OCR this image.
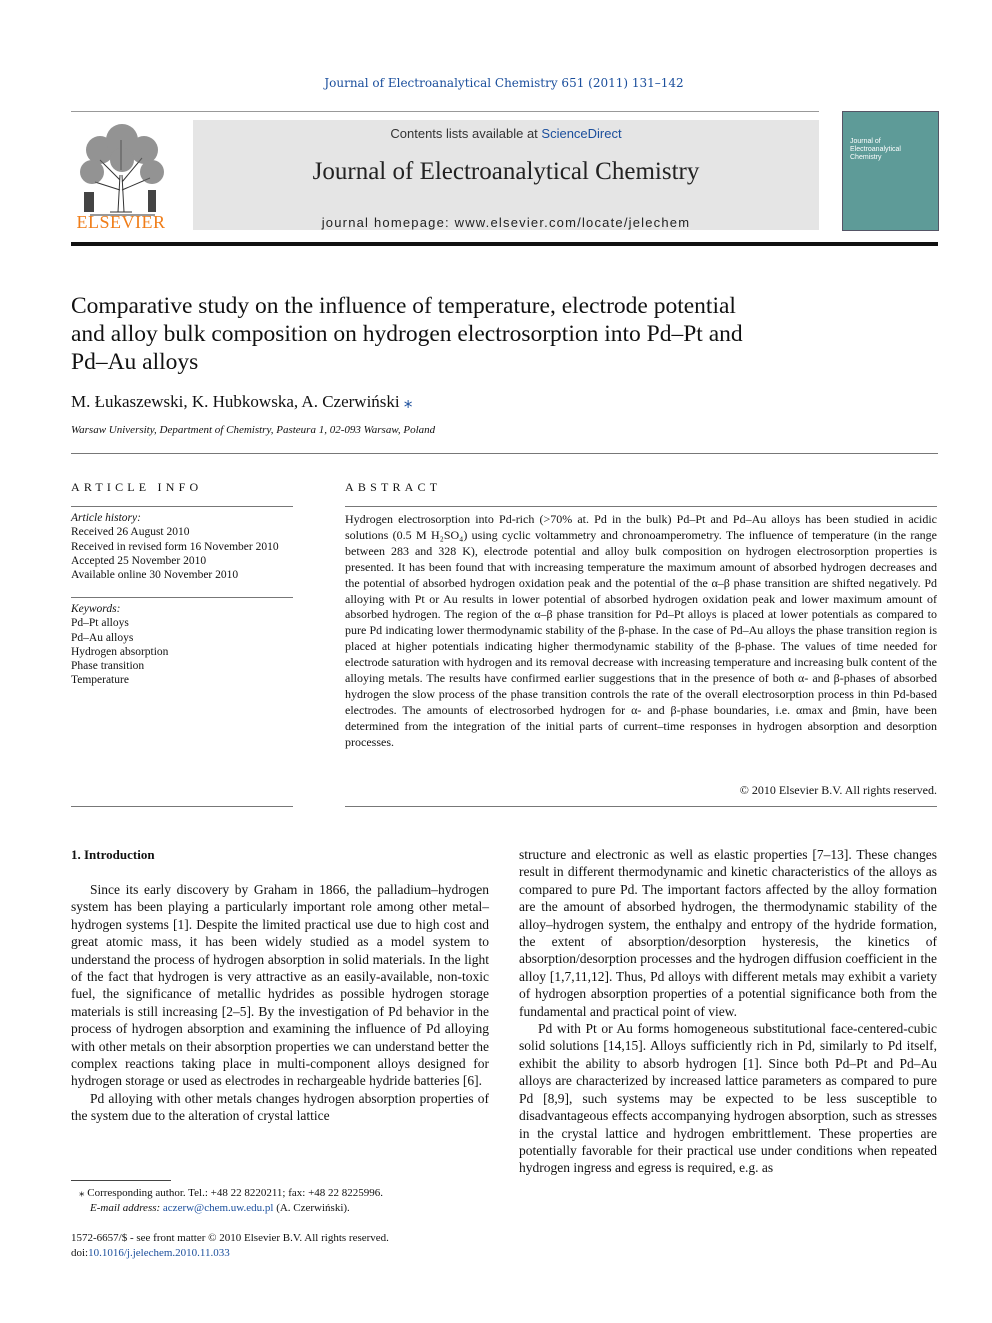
Journal of Electroanalytical Chemistry 651 (2011) 131–142
ELSEVIER
Contents lists available at ScienceDirect
Journal of Electroanalytical Chemistry
journal homepage: www.elsevier.com/locate/jelechem
Journal of Electroanalytical Chemistry
Comparative study on the influence of temperature, electrode potential
and alloy bulk composition on hydrogen electrosorption into Pd–Pt and
Pd–Au alloys
M. Łukaszewski, K. Hubkowska, A. Czerwiński ⁎
Warsaw University, Department of Chemistry, Pasteura 1, 02-093 Warsaw, Poland
ARTICLE INFO
Article history:
Received 26 August 2010
Received in revised form 16 November 2010
Accepted 25 November 2010
Available online 30 November 2010
Keywords:
Pd–Pt alloys
Pd–Au alloys
Hydrogen absorption
Phase transition
Temperature
ABSTRACT
Hydrogen electrosorption into Pd-rich (>70% at. Pd in the bulk) Pd–Pt and Pd–Au alloys has been studied in acidic solutions (0.5 M H₂SO₄) using cyclic voltammetry and chronoamperometry. The influence of temperature (in the range between 283 and 328 K), electrode potential and alloy bulk composition on hydrogen electrosorption properties is presented. It has been found that with increasing temperature the maximum amount of absorbed hydrogen decreases and the potential of absorbed hydrogen oxidation peak and the potential of the α–β phase transition are shifted negatively. Pd alloying with Pt or Au results in lower potential of absorbed hydrogen oxidation peak and lower maximum amount of absorbed hydrogen. The region of the α–β phase transition for Pd–Pt alloys is placed at lower potentials as compared to pure Pd indicating lower thermodynamic stability of the β-phase. In the case of Pd–Au alloys the phase transition region is placed at higher potentials indicating higher thermodynamic stability of the β-phase. The values of time needed for electrode saturation with hydrogen and its removal decrease with increasing temperature and increasing bulk content of the alloying metals. The results have confirmed earlier suggestions that in the presence of both α- and β-phases of absorbed hydrogen the slow process of the phase transition controls the rate of the overall electrosorption process in thin Pd-based electrodes. The amounts of electrosorbed hydrogen for α- and β-phase boundaries, i.e. αmax and βmin, have been determined from the integration of the initial parts of current–time responses in hydrogen absorption and desorption processes.
© 2010 Elsevier B.V. All rights reserved.
1. Introduction

Since its early discovery by Graham in 1866, the palladium–hydrogen system has been playing a particularly important role among other metal–hydrogen systems [1]. Despite the limited practical use due to high cost and great atomic mass, it has been widely studied as a model system to understand the process of hydrogen absorption in solid materials. In the light of the fact that hydrogen is very attractive as an easily-available, non-toxic fuel, the significance of metallic hydrides as possible hydrogen storage materials is still increasing [2–5]. By the investigation of Pd behavior in the process of hydrogen absorption and examining the influence of Pd alloying with other metals on their absorption properties we can understand better the complex reactions taking place in multi-component alloys designed for hydrogen storage or used as electrodes in rechargeable hydride batteries [6].

Pd alloying with other metals changes hydrogen absorption properties of the system due to the alteration of crystal lattice

structure and electronic as well as elastic properties [7–13]. These changes result in different thermodynamic and kinetic characteristics of the alloys as compared to pure Pd. The important factors affected by the alloy formation are the amount of absorbed hydrogen, the thermodynamic stability of the alloy–hydrogen system, the enthalpy and entropy of the hydride formation, the extent of absorption/desorption hysteresis, the kinetics of absorption/desorption processes and the hydrogen diffusion coefficient in the alloy [1,7,11,12]. Thus, Pd alloys with different metals may exhibit a variety of hydrogen absorption properties of a potential significance both from the fundamental and practical point of view.

Pd with Pt or Au forms homogeneous substitutional face-centered-cubic solid solutions [14,15]. Alloys sufficiently rich in Pd, similarly to Pd itself, exhibit the ability to absorb hydrogen [1]. Since both Pd–Pt and Pd–Au alloys are characterized by increased lattice parameters as compared to pure Pd [8,9], such systems may be expected to be less susceptible to disadvantageous effects accompanying hydrogen absorption, such as stresses in the crystal lattice and hydrogen embrittlement. These properties are potentially favorable for their practical use under conditions when repeated hydrogen ingress and egress is required, e.g. as

⁎ Corresponding author. Tel.: +48 22 8220211; fax: +48 22 8225996.
E-mail address: aczerw@chem.uw.edu.pl (A. Czerwiński).
1572-6657/$ - see front matter © 2010 Elsevier B.V. All rights reserved.
doi:10.1016/j.jelechem.2010.11.033
